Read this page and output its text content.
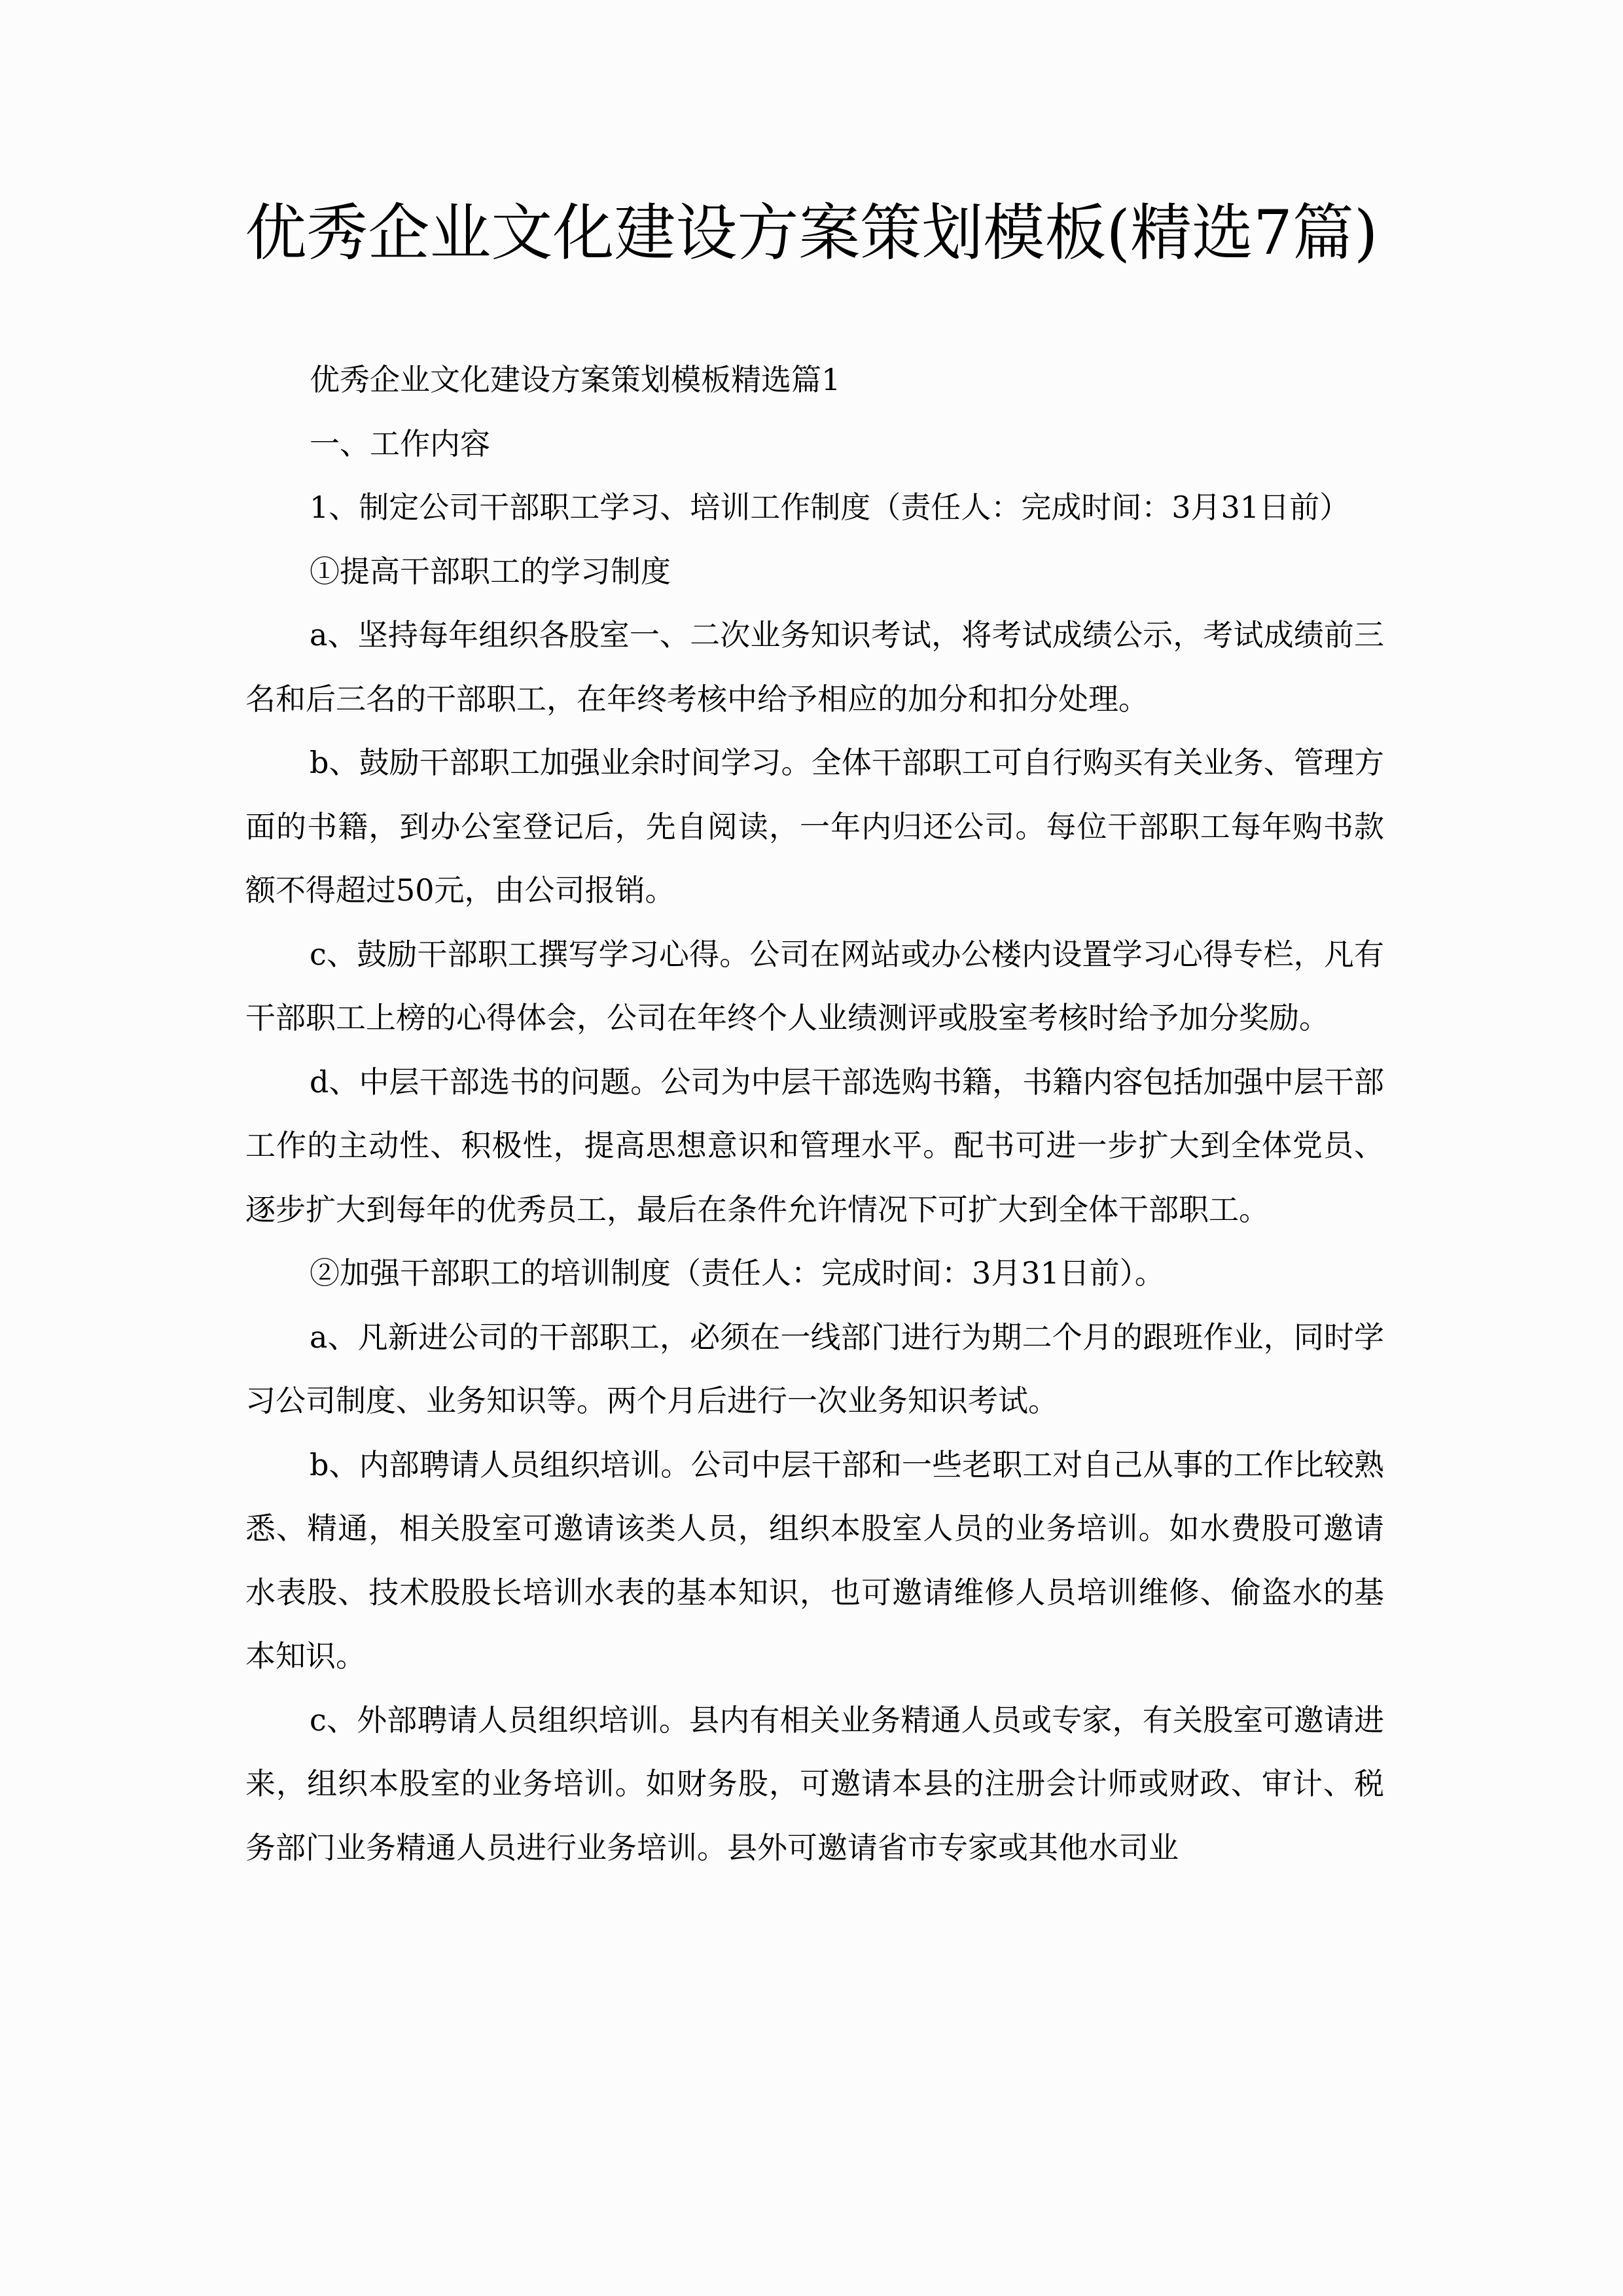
优秀企业文化建设方案策划模板(精选7篇)

优秀企业文化建设方案策划模板精选篇1

一、工作内容

1、制定公司干部职工学习、培训工作制度（责任人：完成时间：3月31日前）

①提高干部职工的学习制度

a、坚持每年组织各股室一、二次业务知识考试，将考试成绩公示，考试成绩前三名和后三名的干部职工，在年终考核中给予相应的加分和扣分处理。

b、鼓励干部职工加强业余时间学习。全体干部职工可自行购买有关业务、管理方面的书籍，到办公室登记后，先自阅读，一年内归还公司。每位干部职工每年购书款额不得超过50元，由公司报销。

c、鼓励干部职工撰写学习心得。公司在网站或办公楼内设置学习心得专栏，凡有干部职工上榜的心得体会，公司在年终个人业绩测评或股室考核时给予加分奖励。

d、中层干部选书的问题。公司为中层干部选购书籍，书籍内容包括加强中层干部工作的主动性、积极性，提高思想意识和管理水平。配书可进一步扩大到全体党员、逐步扩大到每年的优秀员工，最后在条件允许情况下可扩大到全体干部职工。

②加强干部职工的培训制度（责任人：完成时间：3月31日前）。

a、凡新进公司的干部职工，必须在一线部门进行为期二个月的跟班作业，同时学习公司制度、业务知识等。两个月后进行一次业务知识考试。

b、内部聘请人员组织培训。公司中层干部和一些老职工对自己从事的工作比较熟悉、精通，相关股室可邀请该类人员，组织本股室人员的业务培训。如水费股可邀请水表股、技术股股长培训水表的基本知识，也可邀请维修人员培训维修、偷盗水的基本知识。

c、外部聘请人员组织培训。县内有相关业务精通人员或专家，有关股室可邀请进来，组织本股室的业务培训。如财务股，可邀请本县的注册会计师或财政、审计、税务部门业务精通人员进行业务培训。县外可邀请省市专家或其他水司业
